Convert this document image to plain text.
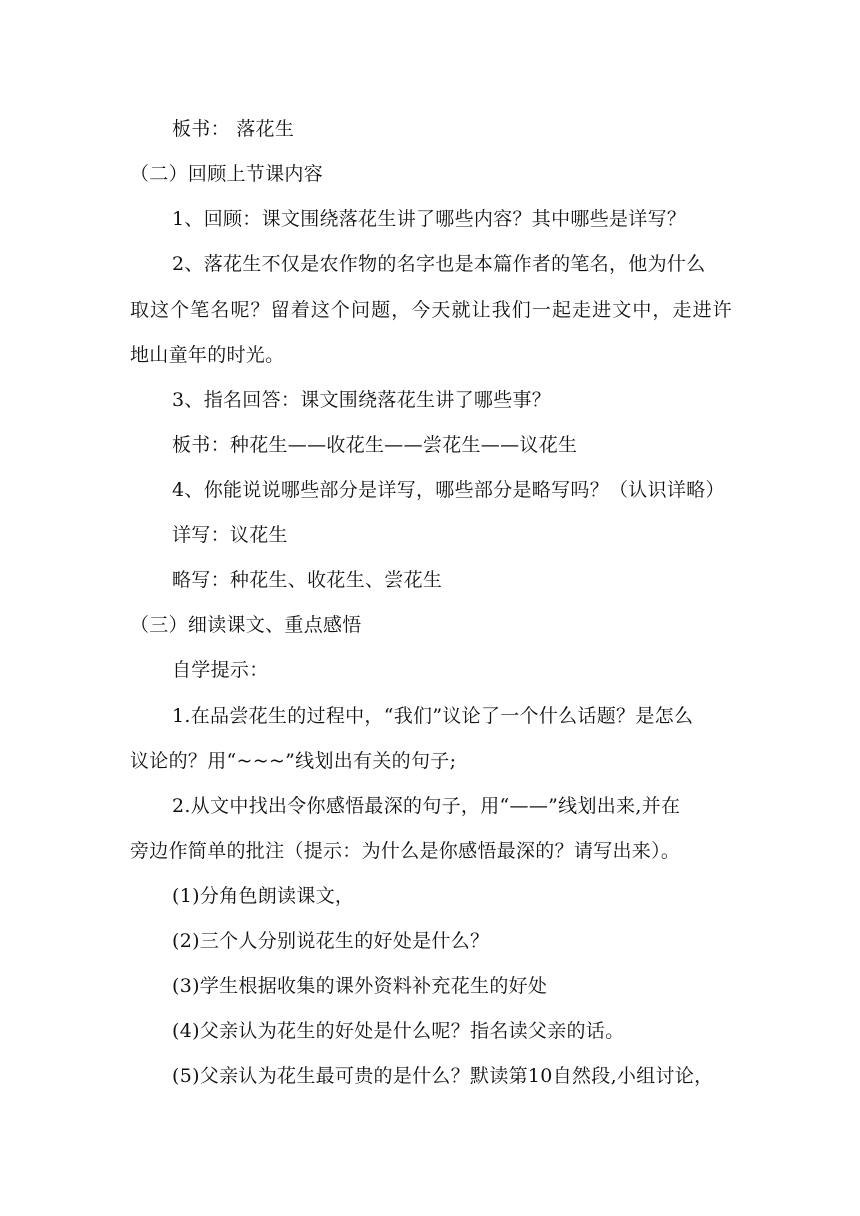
板书： 落花生
（二）回顾上节课内容
1、回顾：课文围绕落花生讲了哪些内容？其中哪些是详写？
2、落花生不仅是农作物的名字也是本篇作者的笔名，他为什么
取这个笔名呢？留着这个问题，今天就让我们一起走进文中，走进许
地山童年的时光。
3、指名回答：课文围绕落花生讲了哪些事？
板书：种花生——收花生——尝花生——议花生
4、你能说说哪些部分是详写，哪些部分是略写吗？（认识详略）
详写：议花生
略写：种花生、收花生、尝花生
（三）细读课文、重点感悟
自学提示：
1.在品尝花生的过程中，“我们”议论了一个什么话题？是怎么
议论的？用“~~~”线划出有关的句子;
2.从文中找出令你感悟最深的句子，用“——”线划出来,并在
旁边作简单的批注（提示：为什么是你感悟最深的？请写出来）。
(1)分角色朗读课文，
(2)三个人分别说花生的好处是什么？
(3)学生根据收集的课外资料补充花生的好处
(4)父亲认为花生的好处是什么呢？指名读父亲的话。
(5)父亲认为花生最可贵的是什么？默读第10自然段,小组讨论，
